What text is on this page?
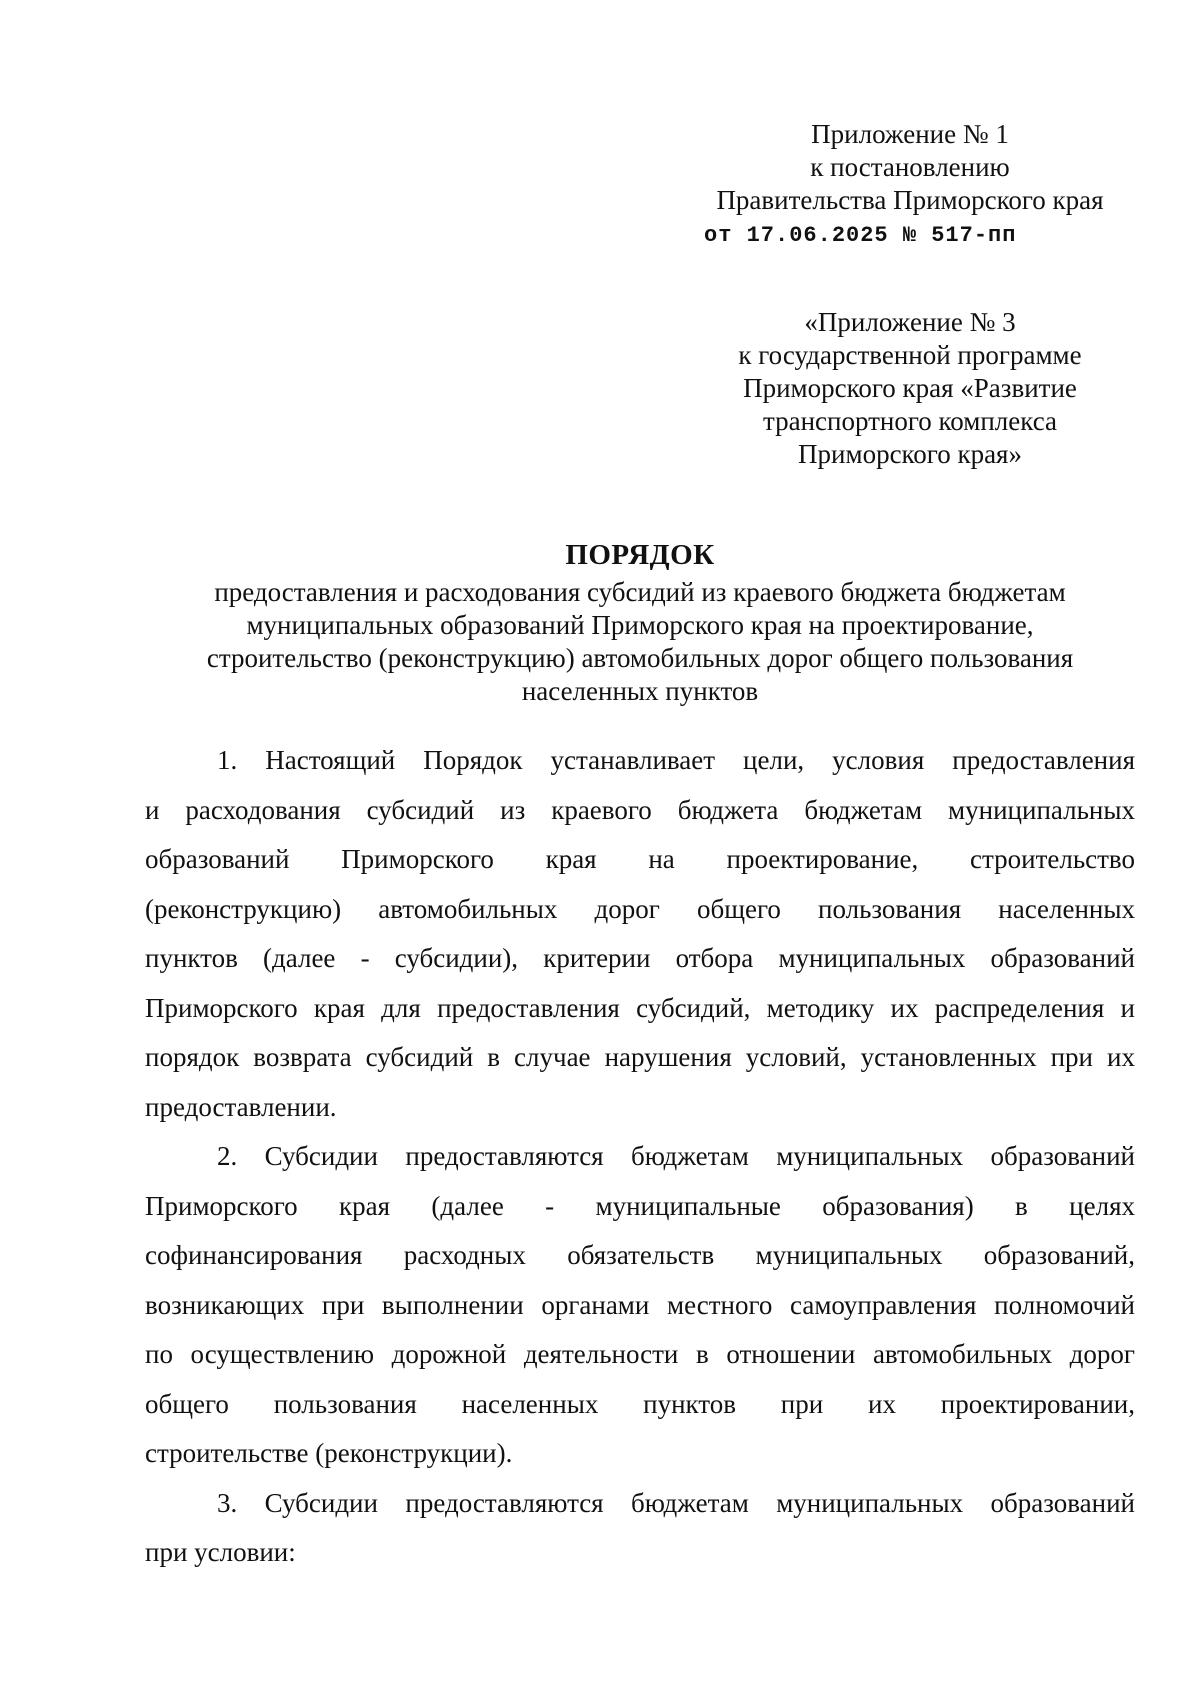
Приложение № 1
к постановлению
Правительства Приморского края
от 17.06.2025 № 517-пп
«Приложение № 3
к государственной программе
Приморского края «Развитие
транспортного комплекса
Приморского края»
ПОРЯДОК
предоставления и расходования субсидий из краевого бюджета бюджетам
муниципальных образований Приморского края на проектирование,
строительство (реконструкцию) автомобильных дорог общего пользования
населенных пунктов
1. Настоящий Порядок устанавливает цели, условия предоставления
и расходования субсидий из краевого бюджета бюджетам муниципальных
образований Приморского края на проектирование, строительство
(реконструкцию) автомобильных дорог общего пользования населенных
пунктов (далее - субсидии), критерии отбора муниципальных образований
Приморского края для предоставления субсидий, методику их распределения и
порядок возврата субсидий в случае нарушения условий, установленных при их
предоставлении.
2. Субсидии предоставляются бюджетам муниципальных образований
Приморского края (далее - муниципальные образования) в целях
софинансирования расходных обязательств муниципальных образований,
возникающих при выполнении органами местного самоуправления полномочий
по осуществлению дорожной деятельности в отношении автомобильных дорог
общего пользования населенных пунктов при их проектировании,
строительстве (реконструкции).
3. Субсидии предоставляются бюджетам муниципальных образований
при условии:
